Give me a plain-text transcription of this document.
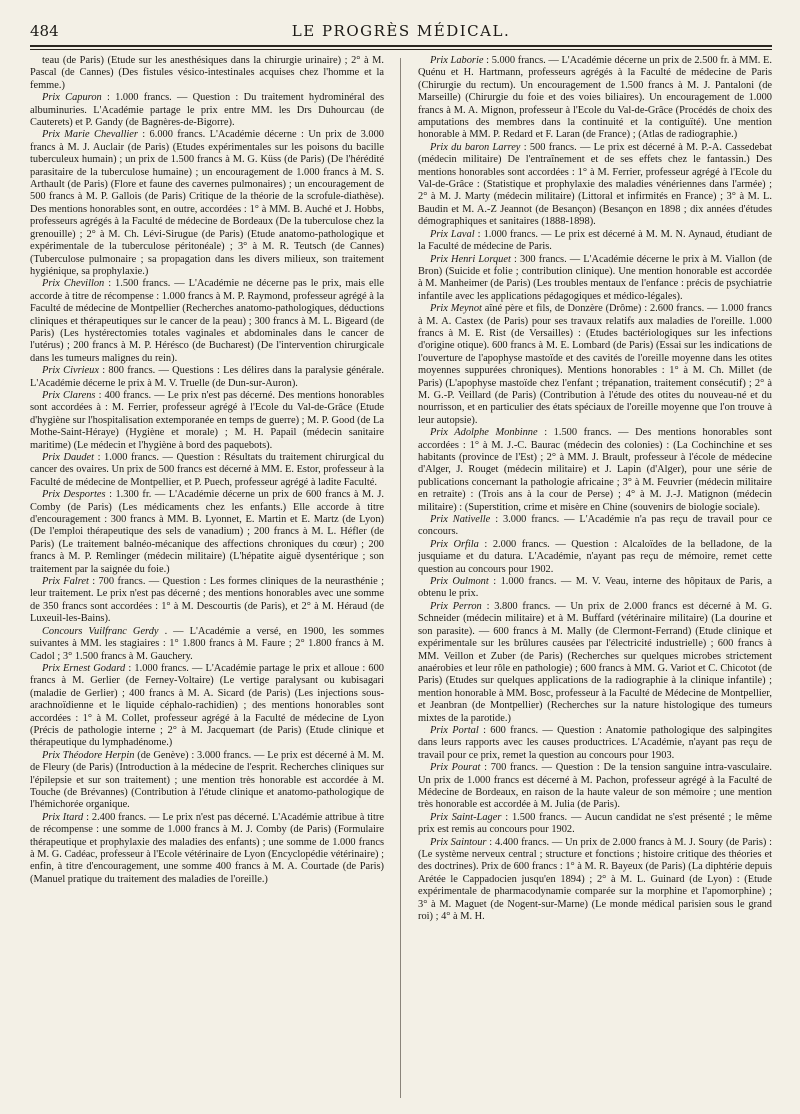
484	LE PROGRÈS MÉDICAL.

teau (de Paris) (Etude sur les anesthésiques dans la chirurgie urinaire) ; 2° à M. Pascal (de Cannes) (Des fistules vésico-intestinales acquises chez l'homme et la femme.)

Prix Capuron : 1.000 francs. — Question : Du traitement hydrominéral des albuminuries. L'Académie partage le prix entre MM. les Drs Duhourcau (de Cauterets) et P. Gandy (de Bagnères-de-Bigorre).

Prix Marie Chevallier : 6.000 francs. L'Académie décerne : Un prix de 3.000 francs à M. J. Auclair (de Paris) (Etudes expérimentales sur les poisons du bacille tuberculeux humain) ; un prix de 1.500 francs à M. G. Küss (de Paris) (De l'hérédité parasitaire de la tuberculose humaine) ; un encouragement de 1.000 francs à M. S. Arthault (de Paris) (Flore et faune des cavernes pulmonaires) ; un encouragement de 500 francs à M. P. Gallois (de Paris) Critique de la théorie de la scrofule-diathèse). Des mentions honorables sont, en outre, accordées : 1° à MM. B. Auché et J. Hobbs, professeurs agrégés à la Faculté de médecine de Bordeaux (De la tuberculose chez la grenouille) ; 2° à M. Ch. Lévi-Sirugue (de Paris) (Etude anatomo-pathologique et expérimentale de la tuberculose péritonéale) ; 3° à M. R. Teutsch (de Cannes) (Tuberculose pulmonaire ; sa propagation dans les divers milieux, son traitement hygiénique, sa prophylaxie.)

Prix Chevillon : 1.500 francs. — L'Académie ne décerne pas le prix, mais elle accorde à titre de récompense : 1.000 francs à M. P. Raymond, professeur agrégé à la Faculté de médecine de Montpellier (Recherches anatomo-pathologiques, déductions cliniques et thérapeutiques sur le cancer de la peau) ; 300 francs à M. L. Bigeard (de Paris) (Les hystérectomies totales vaginales et abdominales dans le cancer de l'utérus) ; 200 francs à M. P. Hérésco (de Bucharest) (De l'intervention chirurgicale dans les tumeurs malignes du rein).

Prix Civrieux : 800 francs. — Questions : Les délires dans la paralysie générale. L'Académie décerne le prix à M. V. Truelle (de Dun-sur-Auron).

Prix Clarens : 400 francs. — Le prix n'est pas décerné. Des mentions honorables sont accordées à : M. Ferrier, professeur agrégé à l'Ecole du Val-de-Grâce (Etude d'hygiène sur l'hospitalisation extemporanée en temps de guerre) ; M. P. Good (de La Mothe-Saint-Héraye) (Hygiène et morale) ; M. H. Papail (médecin sanitaire maritime) (Le médecin et l'hygiène à bord des paquebots).

Prix Daudet : 1.000 francs. — Question : Résultats du traitement chirurgical du cancer des ovaires. Un prix de 500 francs est décerné à MM. E. Estor, professeur à la Faculté de médecine de Montpellier, et P. Puech, professeur agrégé à ladite Faculté.

Prix Desportes : 1.300 fr. — L'Académie décerne un prix de 600 francs à M. J. Comby (de Paris) (Les médicaments chez les enfants.) Elle accorde à titre d'encouragement : 300 francs à MM. B. Lyonnet, E. Martin et E. Martz (de Lyon) (De l'emploi thérapeutique des sels de vanadium) ; 200 francs à M. L. Héfler (de Paris) (Le traitement balnéo-mécanique des affections chroniques du cœur) ; 200 francs à M. P. Remlinger (médecin militaire) (L'hépatite aiguë dysentérique ; son traitement par la saignée du foie.)

Prix Falret : 700 francs. — Question : Les formes cliniques de la neurasthénie ; leur traitement. Le prix n'est pas décerné ; des mentions honorables avec une somme de 350 francs sont accordées : 1° à M. Descourtis (de Paris), et 2° à M. Héraud (de Luxeuil-les-Bains).

Concours Vuilfranc Gerdy . — L'Académie a versé, en 1900, les sommes suivantes à MM. les stagiaires : 1° 1.800 francs à M. Faure ; 2° 1.800 francs à M. Cadol ; 3° 1.500 francs à M. Gauchery.

Prix Ernest Godard : 1.000 francs. — L'Académie partage le prix et alloue : 600 francs à M. Gerlier (de Ferney-Voltaire) (Le vertige paralysant ou kubisagari (maladie de Gerlier) ; 400 francs à M. A. Sicard (de Paris) (Les injections sous-arachnoïdienne et le liquide céphalo-rachidien) ; des mentions honorables sont accordées : 1° à M. Collet, professeur agrégé à la Faculté de médecine de Lyon (Précis de pathologie interne ; 2° à M. Jacquemart (de Paris) (Etude clinique et thérapeutique du lymphadénome.)

Prix Théodore Herpin (de Genève) : 3.000 francs. — Le prix est décerné à M. M. de Fleury (de Paris) (Introduction à la médecine de l'esprit. Recherches cliniques sur l'épilepsie et sur son traitement) ; une mention très honorable est accordée à M. Touche (de Brévannes) (Contribution à l'étude clinique et anatomo-pathologique de l'hémichorée organique.

Prix Itard : 2.400 francs. — Le prix n'est pas décerné. L'Académie attribue à titre de récompense : une somme de 1.000 francs à M. J. Comby (de Paris) (Formulaire thérapeutique et prophylaxie des maladies des enfants) ; une somme de 1.000 francs à M. G. Cadéac, professeur à l'Ecole vétérinaire de Lyon (Encyclopédie vétérinaire) ; enfin, à titre d'encouragement, une somme 400 francs à M. A. Courtade (de Paris) (Manuel pratique du traitement des maladies de l'oreille.)

Prix Laborie : 5.000 francs. — L'Académie décerne un prix de 2.500 fr. à MM. E. Quénu et H. Hartmann, professeurs agrégés à la Faculté de médecine de Paris (Chirurgie du rectum). Un encouragement de 1.500 francs à M. J. Pantaloni (de Marseille) (Chirurgie du foie et des voies biliaires). Un encouragement de 1.000 francs à M. A. Mignon, professeur à l'Ecole du Val-de-Grâce (Procédés de choix des amputations des membres dans la continuité et la contiguïté). Une mention honorable à MM. P. Redard et F. Laran (de France) ; (Atlas de radiographie.)

Prix du baron Larrey : 500 francs. — Le prix est décerné à M. P.-A. Cassedebat (médecin militaire) De l'entraînement et de ses effets chez le fantassin.) Des mentions honorables sont accordées : 1° à M. Ferrier, professeur agrégé à l'Ecole du Val-de-Grâce : (Statistique et prophylaxie des maladies vénériennes dans l'armée) ; 2° à M. J. Marty (médecin militaire) (Littoral et infirmités en France) ; 3° à M. L. Baudin et M. A.-Z Jeannot (de Besançon) (Besançon en 1898 ; dix années d'études démographiques et sanitaires (1888-1898).

Prix Laval : 1.000 francs. — Le prix est décerné à M. M. N. Aynaud, étudiant de la Faculté de médecine de Paris.

Prix Henri Lorquet : 300 francs. — L'Académie décerne le prix à M. Viallon (de Bron) (Suicide et folie ; contribution clinique). Une mention honorable est accordée à M. Manheimer (de Paris) (Les troubles mentaux de l'enfance : précis de psychiatrie infantile avec les applications pédagogiques et médico-légales).

Prix Meynot aîné père et fils, de Donzère (Drôme) : 2.600 francs. — 1.000 francs à M. A. Castex (de Paris) pour ses travaux relatifs aux maladies de l'oreille. 1.000 francs à M. E. Rist (de Versailles) : (Etudes bactériologiques sur les infections d'origine otique). 600 francs à M. E. Lombard (de Paris) (Essai sur les indications de l'ouverture de l'apophyse mastoïde et des cavités de l'oreille moyenne dans les otites moyennes suppurées chroniques). Mentions honorables : 1° à M. Ch. Millet (de Paris) (L'apophyse mastoïde chez l'enfant ; trépanation, traitement consécutif) ; 2° à M. G.-P. Veillard (de Paris) (Contribution à l'étude des otites du nouveau-né et du nourrisson, et en particulier des états spéciaux de l'oreille moyenne que l'on trouve à leur autopsie).

Prix Adolphe Monbinne : 1.500 francs. — Des mentions honorables sont accordées : 1° à M. J.-C. Baurac (médecin des colonies) : (La Cochinchine et ses habitants (province de l'Est) ; 2° à MM. J. Brault, professeur à l'école de médecine d'Alger, J. Rouget (médecin militaire) et J. Lapin (d'Alger), pour une série de publications concernant la pathologie africaine ; 3° à M. Feuvrier (médecin militaire en retraite) : (Trois ans à la cour de Perse) ; 4° à M. J.-J. Matignon (médecin militaire) : (Superstition, crime et misère en Chine (souvenirs de biologie sociale).

Prix Nativelle : 3.000 francs. — L'Académie n'a pas reçu de travail pour ce concours.

Prix Orfila : 2.000 francs. — Question : Alcaloïdes de la belladone, de la jusquiame et du datura. L'Académie, n'ayant pas reçu de mémoire, remet cette question au concours pour 1902.

Prix Oulmont : 1.000 francs. — M. V. Veau, interne des hôpitaux de Paris, a obtenu le prix.

Prix Perron : 3.800 francs. — Un prix de 2.000 francs est décerné à M. G. Schneider (médecin militaire) et à M. Buffard (vétérinaire militaire) (La dourine et son parasite). — 600 francs à M. Mally (de Clermont-Ferrand) (Etude clinique et expérimentale sur les brûlures causées par l'électricité industrielle) ; 600 francs à MM. Veillon et Zuber (de Paris) (Recherches sur quelques microbes strictement anaérobies et leur rôle en pathologie) ; 600 francs à MM. G. Variot et C. Chicotot (de Paris) (Etudes sur quelques applications de la radiographie à la clinique infantile) ; mention honorable à MM. Bosc, professeur à la Faculté de Médecine de Montpellier, et Jeanbran (de Montpellier) (Recherches sur la nature histologique des tumeurs mixtes de la parotide.)

Prix Portal : 600 francs. — Question : Anatomie pathologique des salpingites dans leurs rapports avec les causes productrices. L'Académie, n'ayant pas reçu de travail pour ce prix, remet la question au concours pour 1903.

Prix Pourat : 700 francs. — Question : De la tension sanguine intra-vasculaire. Un prix de 1.000 francs est décerné à M. Pachon, professeur agrégé à la Faculté de Médecine de Bordeaux, en raison de la haute valeur de son mémoire ; une mention très honorable est accordée à M. Julia (de Paris).

Prix Saint-Lager : 1.500 francs. — Aucun candidat ne s'est présenté ; le même prix est remis au concours pour 1902.

Prix Saintour : 4.400 francs. — Un prix de 2.000 francs à M. J. Soury (de Paris) : (Le système nerveux central ; structure et fonctions ; histoire critique des théories et des doctrines). Prix de 600 francs : 1° à M. R. Bayeux (de Paris) (La diphtérie depuis Arétée le Cappadocien jusqu'en 1894) ; 2° à M. L. Guinard (de Lyon) : (Etude expérimentale de pharmacodynamie comparée sur la morphine et l'apomorphine) ; 3° à M. Maguet (de Nogent-sur-Marne) (Le monde médical parisien sous le grand roi) ; 4° à M. H.
